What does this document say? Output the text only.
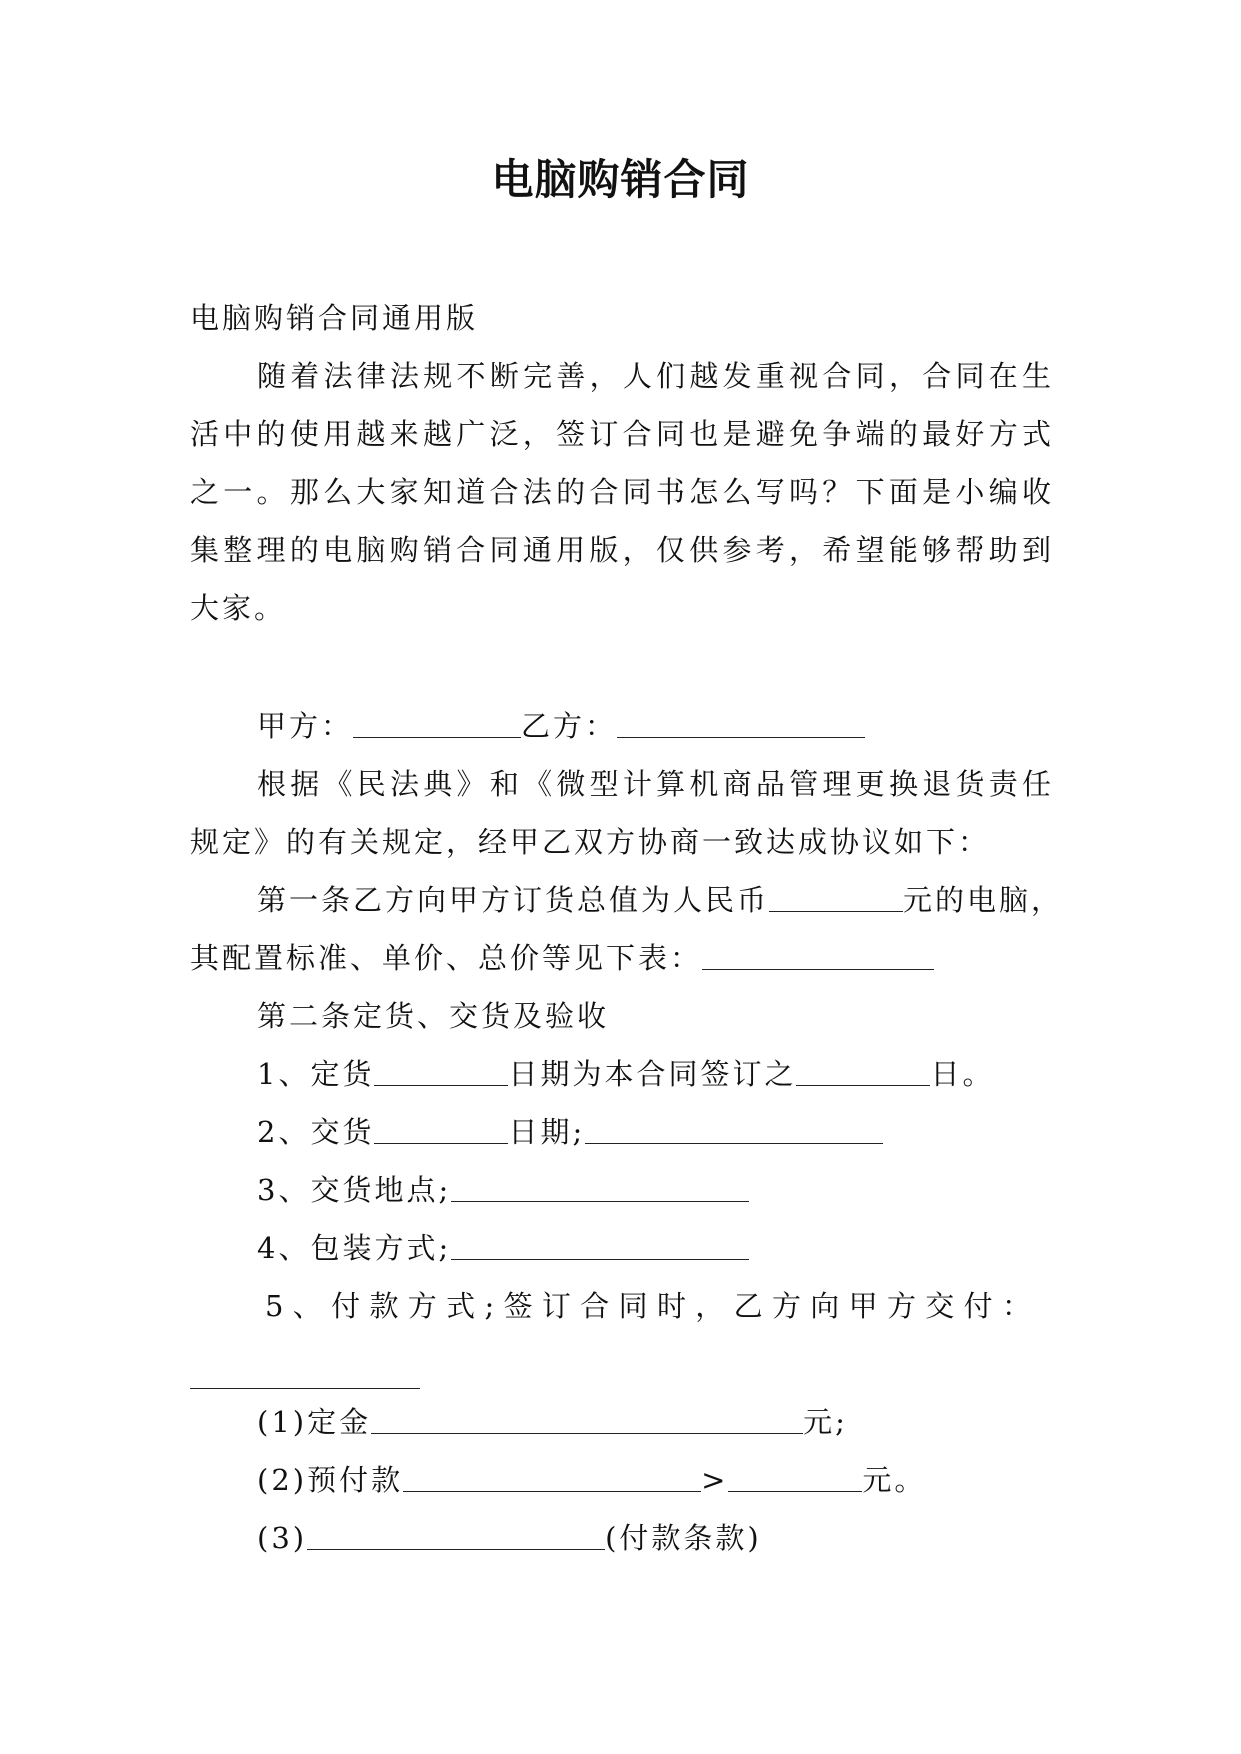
电脑购销合同
电脑购销合同通用版
随着法律法规不断完善，人们越发重视合同，合同在生
活中的使用越来越广泛，签订合同也是避免争端的最好方式
之一。那么大家知道合法的合同书怎么写吗？下面是小编收
集整理的电脑购销合同通用版，仅供参考，希望能够帮助到
大家。
甲方：	乙方：
根据《民法典》和《微型计算机商品管理更换退货责任
规定》的有关规定，经甲乙双方协商一致达成协议如下：
第一条乙方向甲方订货总值为人民币	元的电脑，
其配置标准、单价、总价等见下表：
第二条定货、交货及验收
1、定货	日期为本合同签订之	日。
2、交货	日期;
3、交货地点;
4、包装方式;
5、付款方式;签订合同时，乙方向甲方交付：
(1)定金	元;
(2)预付款	>	元。
(3)	(付款条款)
